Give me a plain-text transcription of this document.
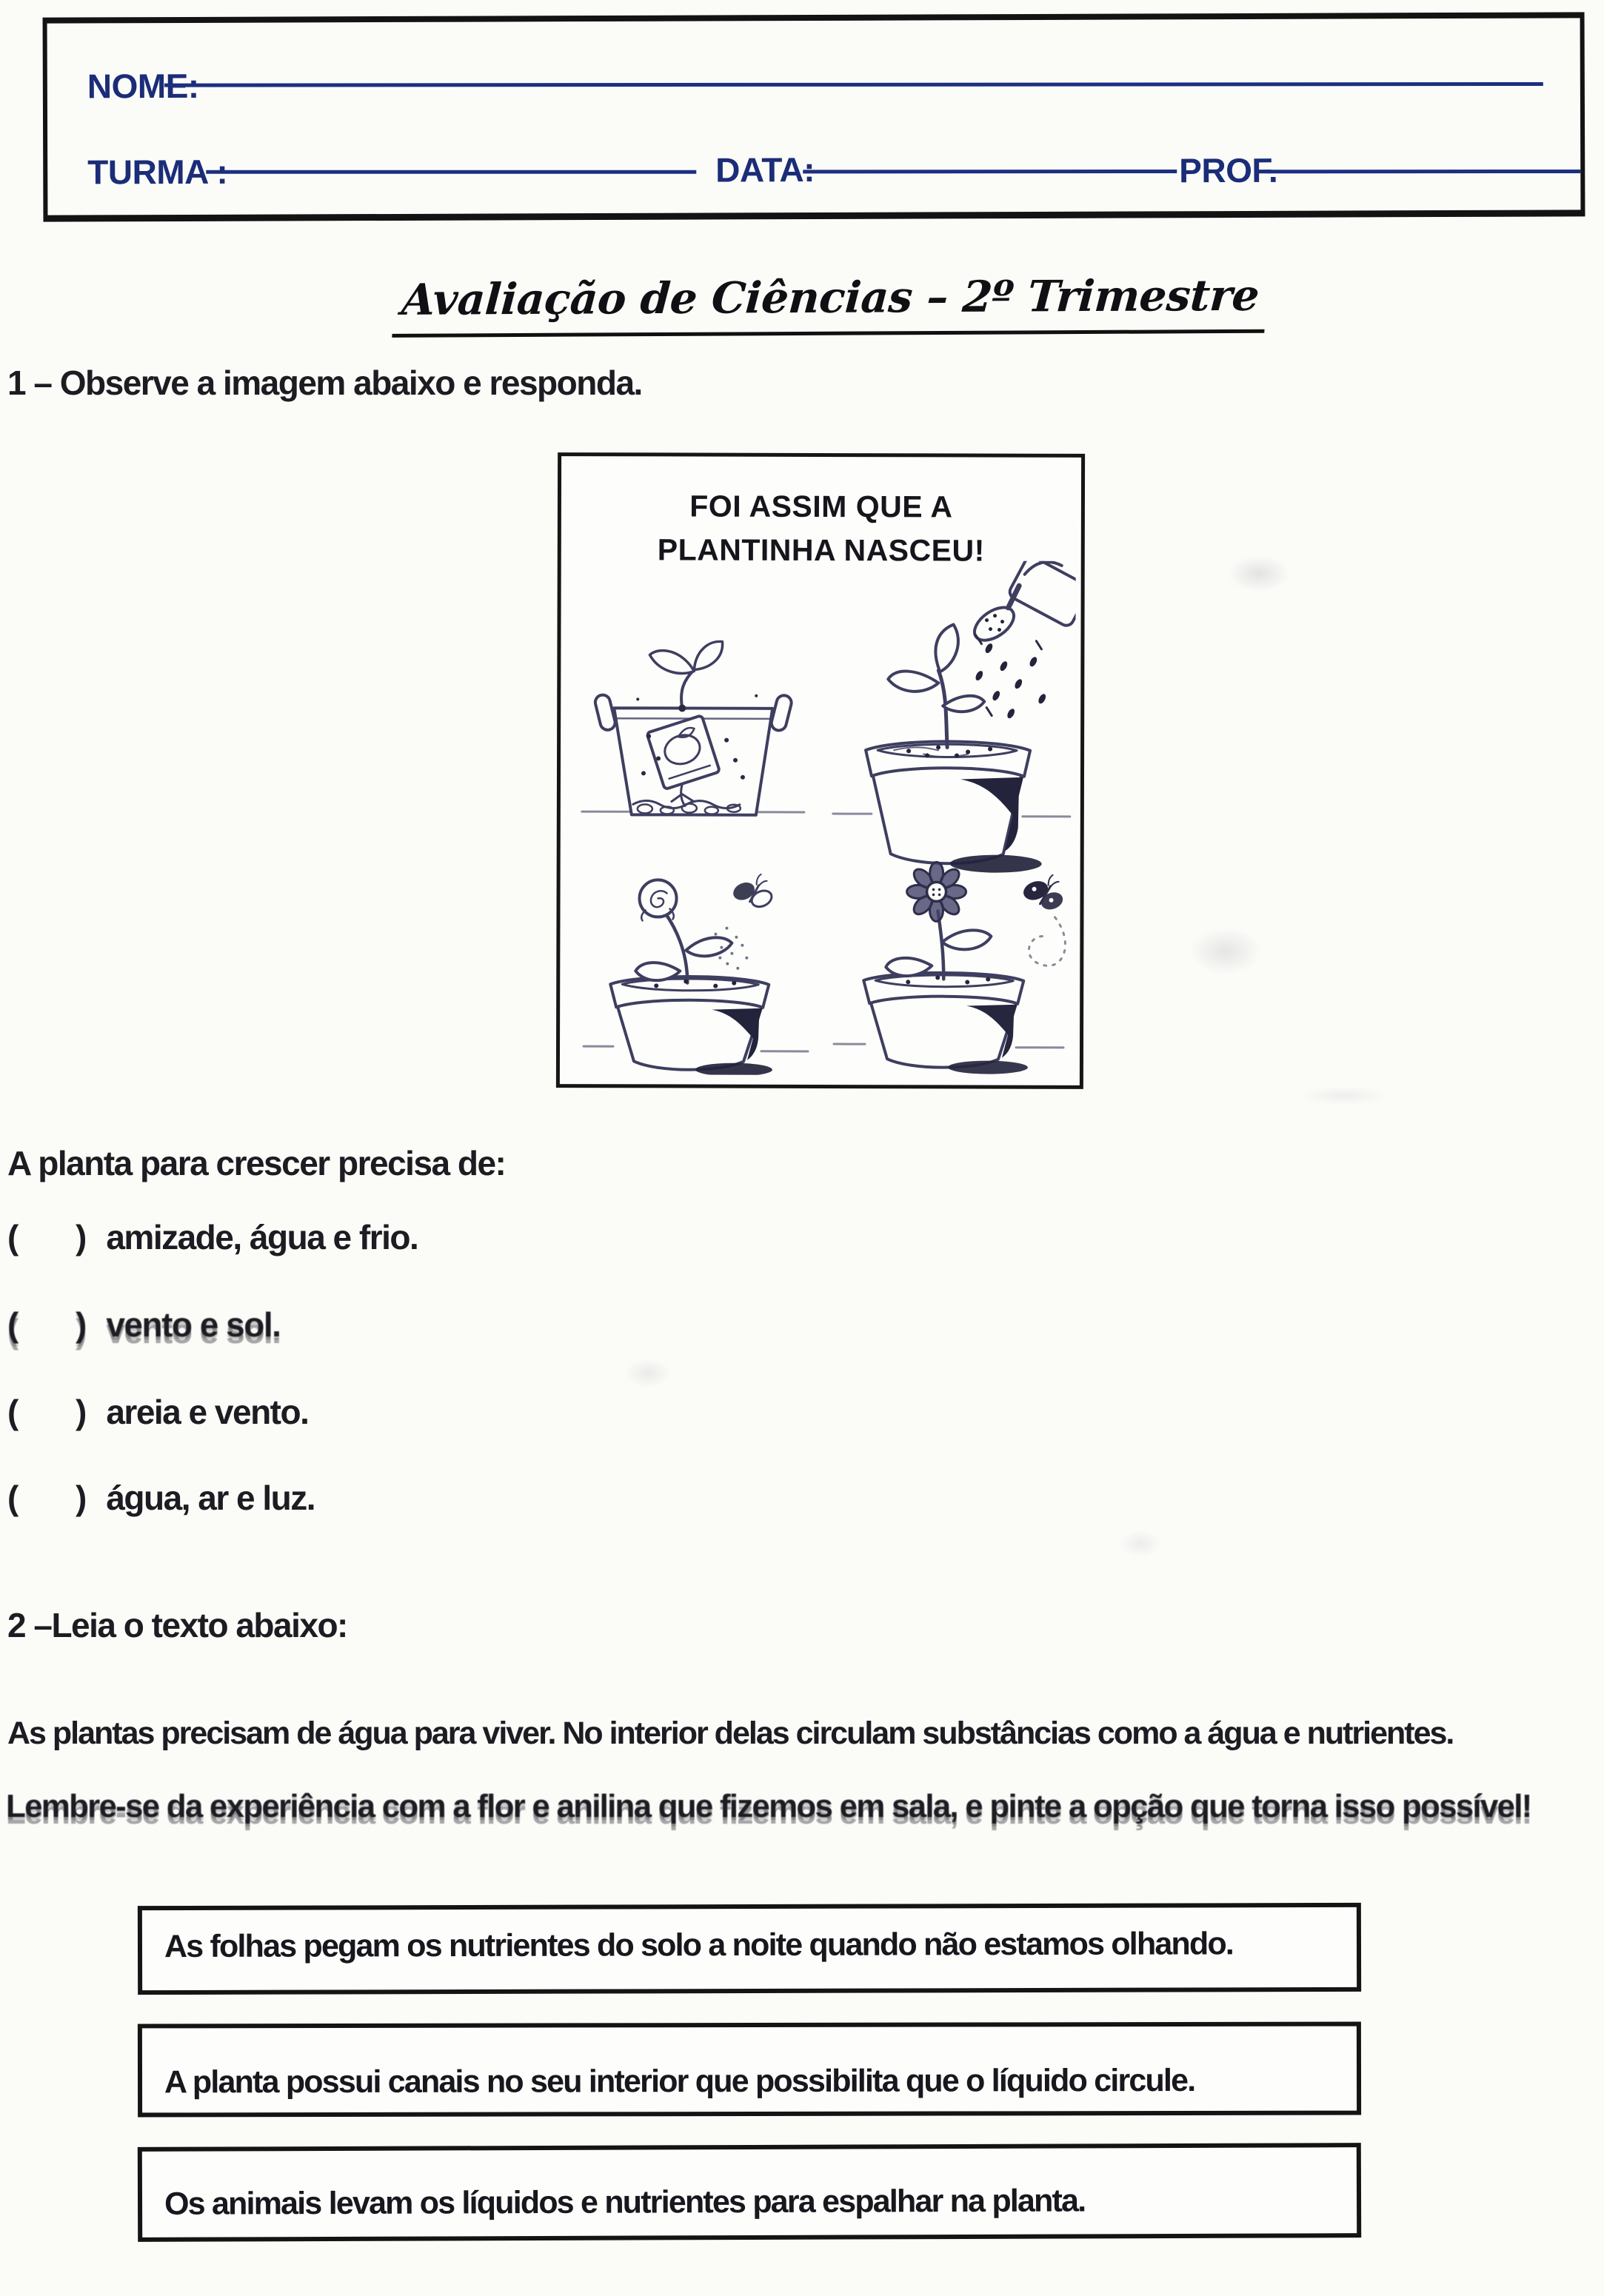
NOME:
TURMA :	DATA:	PROF.
Avaliação de Ciências – 2º Trimestre
1 – Observe a imagem abaixo e responda.
FOI ASSIM QUE A
PLANTINHA NASCEU!
A planta para crescer precisa de:
(      ) amizade, água e frio.
(      ) vento e sol.
(      ) areia e vento.
(      ) água, ar e luz.
2 –Leia o texto abaixo:
As plantas precisam de água para viver. No interior delas circulam substâncias como a água e nutrientes.
Lembre-se da experiência com a flor e anilina que fizemos em sala, e pinte a opção que torna isso possível!
As folhas pegam os nutrientes do solo a noite quando não estamos olhando.
A planta possui canais no seu interior que possibilita que o líquido circule.
Os animais levam os líquidos e nutrientes para espalhar na planta.
